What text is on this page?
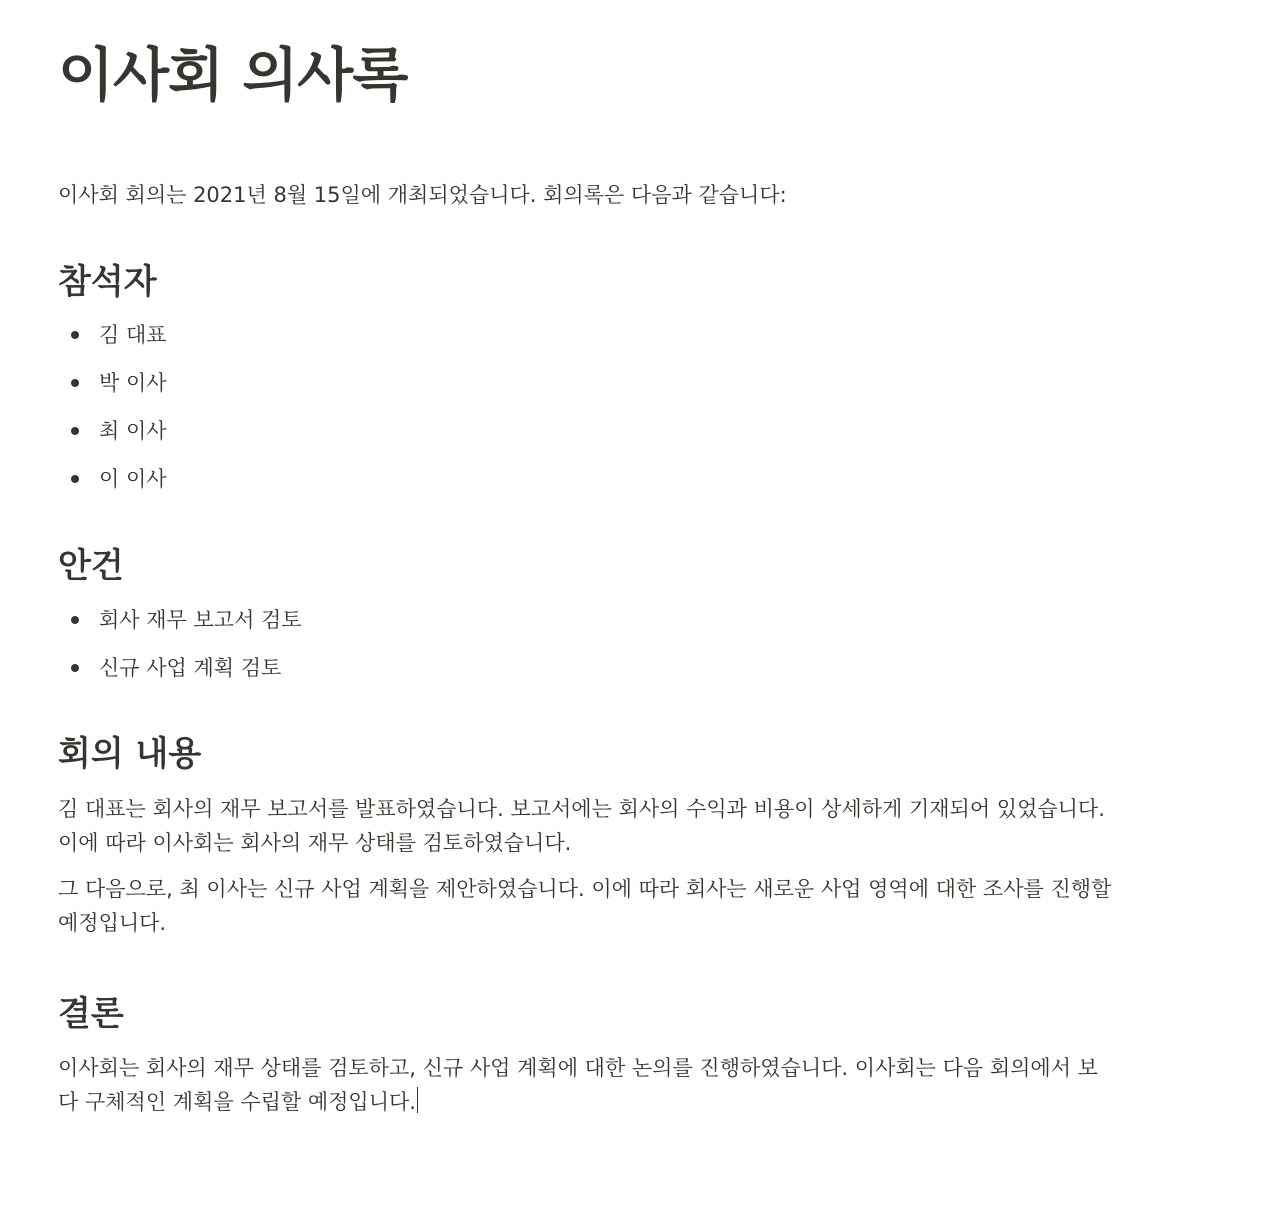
이사회 의사록

이사회 회의는 2021년 8월 15일에 개최되었습니다. 회의록은 다음과 같습니다:

참석자
김 대표
박 이사
최 이사
이 이사
안건
회사 재무 보고서 검토
신규 사업 계획 검토
회의 내용

김 대표는 회사의 재무 보고서를 발표하였습니다. 보고서에는 회사의 수익과 비용이 상세하게 기재되어 있었습니다. 이에 따라 이사회는 회사의 재무 상태를 검토하였습니다.

그 다음으로, 최 이사는 신규 사업 계획을 제안하였습니다. 이에 따라 회사는 새로운 사업 영역에 대한 조사를 진행할 예정입니다.

결론

이사회는 회사의 재무 상태를 검토하고, 신규 사업 계획에 대한 논의를 진행하였습니다. 이사회는 다음 회의에서 보다 구체적인 계획을 수립할 예정입니다.
